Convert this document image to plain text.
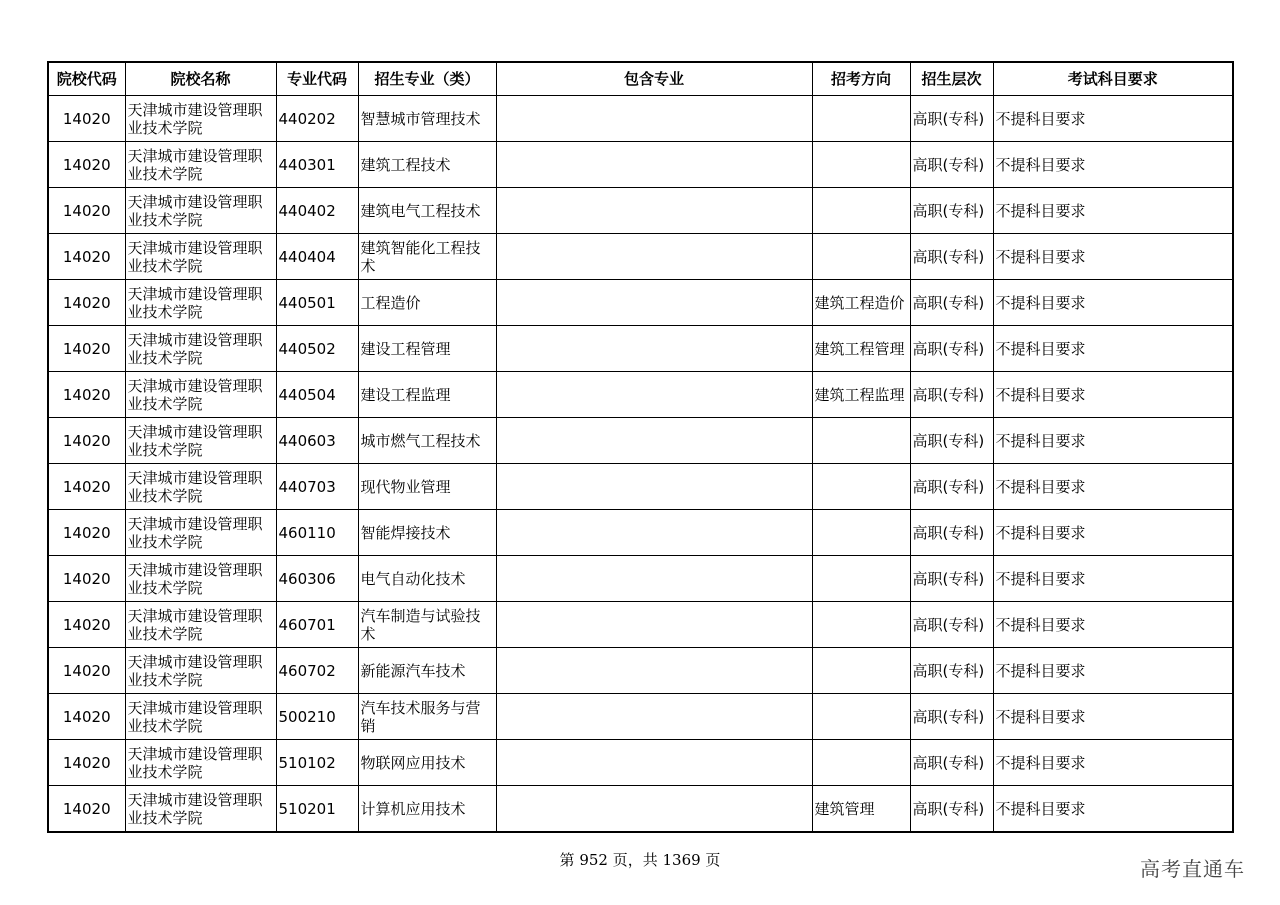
院校代码	院校名称	专业代码	招生专业（类）	包含专业	招考方向	招生层次	考试科目要求
14020	天津城市建设管理职业技术学院	440202	智慧城市管理技术			高职(专科)	不提科目要求
14020	天津城市建设管理职业技术学院	440301	建筑工程技术			高职(专科)	不提科目要求
14020	天津城市建设管理职业技术学院	440402	建筑电气工程技术			高职(专科)	不提科目要求
14020	天津城市建设管理职业技术学院	440404	建筑智能化工程技术			高职(专科)	不提科目要求
14020	天津城市建设管理职业技术学院	440501	工程造价		建筑工程造价	高职(专科)	不提科目要求
14020	天津城市建设管理职业技术学院	440502	建设工程管理		建筑工程管理	高职(专科)	不提科目要求
14020	天津城市建设管理职业技术学院	440504	建设工程监理		建筑工程监理	高职(专科)	不提科目要求
14020	天津城市建设管理职业技术学院	440603	城市燃气工程技术			高职(专科)	不提科目要求
14020	天津城市建设管理职业技术学院	440703	现代物业管理			高职(专科)	不提科目要求
14020	天津城市建设管理职业技术学院	460110	智能焊接技术			高职(专科)	不提科目要求
14020	天津城市建设管理职业技术学院	460306	电气自动化技术			高职(专科)	不提科目要求
14020	天津城市建设管理职业技术学院	460701	汽车制造与试验技术			高职(专科)	不提科目要求
14020	天津城市建设管理职业技术学院	460702	新能源汽车技术			高职(专科)	不提科目要求
14020	天津城市建设管理职业技术学院	500210	汽车技术服务与营销			高职(专科)	不提科目要求
14020	天津城市建设管理职业技术学院	510102	物联网应用技术			高职(专科)	不提科目要求
14020	天津城市建设管理职业技术学院	510201	计算机应用技术		建筑管理	高职(专科)	不提科目要求
第 952 页，共 1369 页	高考直通车
